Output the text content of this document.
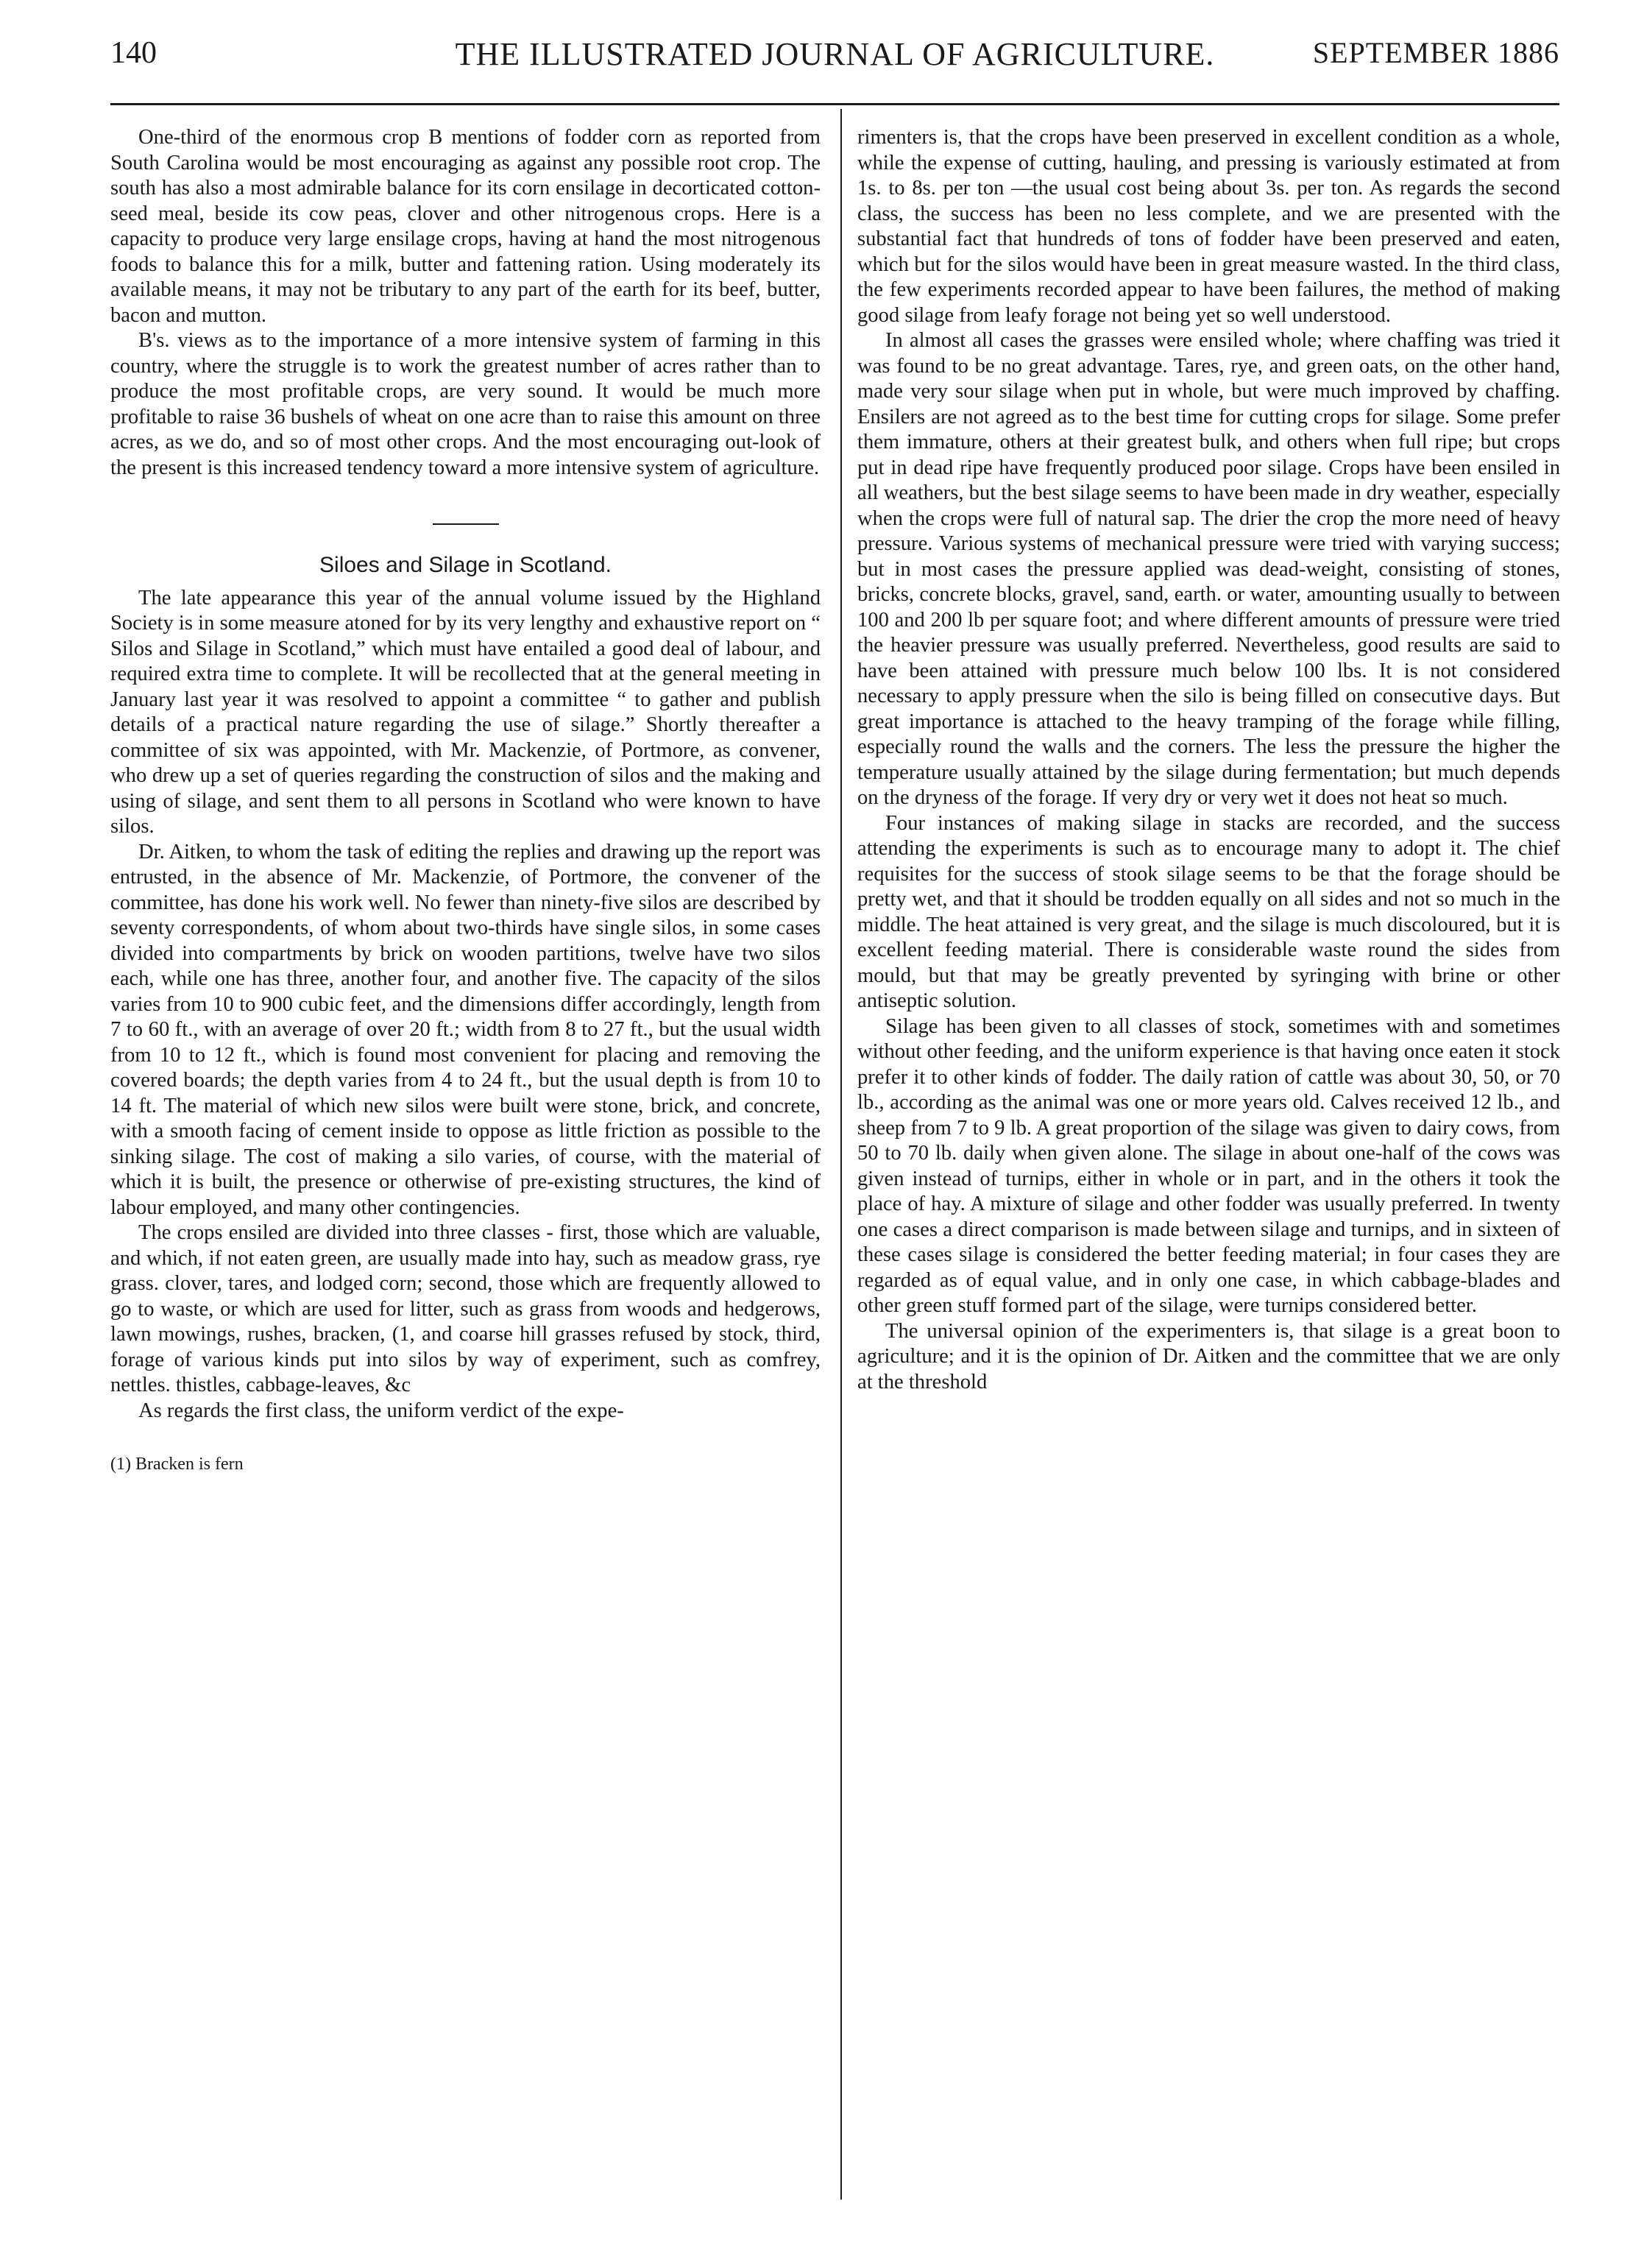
140	THE ILLUSTRATED JOURNAL OF AGRICULTURE.	SEPTEMBER 1886

One-third of the enormous crop B mentions of fodder corn as reported from South Carolina would be most encouraging as against any possible root crop. The south has also a most admirable balance for its corn ensilage in decorticated cotton-seed meal, beside its cow peas, clover and other nitrogenous crops. Here is a capacity to produce very large ensilage crops, having at hand the most nitrogenous foods to balance this for a milk, butter and fattening ration. Using moderately its available means, it may not be tributary to any part of the earth for its beef, butter, bacon and mutton.

B's. views as to the importance of a more intensive system of farming in this country, where the struggle is to work the greatest number of acres rather than to produce the most profitable crops, are very sound. It would be much more profitable to raise 36 bushels of wheat on one acre than to raise this amount on three acres, as we do, and so of most other crops. And the most encouraging out-look of the present is this increased tendency toward a more intensive system of agriculture.

Siloes and Silage in Scotland.

The late appearance this year of the annual volume issued by the Highland Society is in some measure atoned for by its very lengthy and exhaustive report on “ Silos and Silage in Scotland,” which must have entailed a good deal of labour, and required extra time to complete. It will be recollected that at the general meeting in January last year it was resolved to appoint a committee “ to gather and publish details of a practical nature regarding the use of silage.” Shortly thereafter a committee of six was appointed, with Mr. Mackenzie, of Portmore, as convener, who drew up a set of queries regarding the construction of silos and the making and using of silage, and sent them to all persons in Scotland who were known to have silos.

Dr. Aitken, to whom the task of editing the replies and drawing up the report was entrusted, in the absence of Mr. Mackenzie, of Portmore, the convener of the committee, has done his work well. No fewer than ninety-five silos are described by seventy correspondents, of whom about two-thirds have single silos, in some cases divided into compartments by brick on wooden partitions, twelve have two silos each, while one has three, another four, and another five. The capacity of the silos varies from 10 to 900 cubic feet, and the dimensions differ accordingly, length from 7 to 60 ft., with an average of over 20 ft.; width from 8 to 27 ft., but the usual width from 10 to 12 ft., which is found most convenient for placing and removing the covered boards; the depth varies from 4 to 24 ft., but the usual depth is from 10 to 14 ft. The material of which new silos were built were stone, brick, and concrete, with a smooth facing of cement inside to oppose as little friction as possible to the sinking silage. The cost of making a silo varies, of course, with the material of which it is built, the presence or otherwise of pre-existing structures, the kind of labour employed, and many other contingencies.

The crops ensiled are divided into three classes - first, those which are valuable, and which, if not eaten green, are usually made into hay, such as meadow grass, rye grass. clover, tares, and lodged corn; second, those which are frequently allowed to go to waste, or which are used for litter, such as grass from woods and hedgerows, lawn mowings, rushes, bracken, (1, and coarse hill grasses refused by stock, third, forage of various kinds put into silos by way of experiment, such as comfrey, nettles. thistles, cabbage-leaves, &c

As regards the first class, the uniform verdict of the expe-

(1) Bracken is fern

rimenters is, that the crops have been preserved in excellent condition as a whole, while the expense of cutting, hauling, and pressing is variously estimated at from 1s. to 8s. per ton —the usual cost being about 3s. per ton. As regards the second class, the success has been no less complete, and we are presented with the substantial fact that hundreds of tons of fodder have been preserved and eaten, which but for the silos would have been in great measure wasted. In the third class, the few experiments recorded appear to have been failures, the method of making good silage from leafy forage not being yet so well understood.

In almost all cases the grasses were ensiled whole; where chaffing was tried it was found to be no great advantage. Tares, rye, and green oats, on the other hand, made very sour silage when put in whole, but were much improved by chaffing. Ensilers are not agreed as to the best time for cutting crops for silage. Some prefer them immature, others at their greatest bulk, and others when full ripe; but crops put in dead ripe have frequently produced poor silage. Crops have been ensiled in all weathers, but the best silage seems to have been made in dry weather, especially when the crops were full of natural sap. The drier the crop the more need of heavy pressure. Various systems of mechanical pressure were tried with varying success; but in most cases the pressure applied was dead-weight, consisting of stones, bricks, concrete blocks, gravel, sand, earth. or water, amounting usually to between 100 and 200 lb per square foot; and where different amounts of pressure were tried the heavier pressure was usually preferred. Nevertheless, good results are said to have been attained with pressure much below 100 lbs. It is not considered necessary to apply pressure when the silo is being filled on consecutive days. But great importance is attached to the heavy tramping of the forage while filling, especially round the walls and the corners. The less the pressure the higher the temperature usually attained by the silage during fermentation; but much depends on the dryness of the forage. If very dry or very wet it does not heat so much.

Four instances of making silage in stacks are recorded, and the success attending the experiments is such as to encourage many to adopt it. The chief requisites for the success of stook silage seems to be that the forage should be pretty wet, and that it should be trodden equally on all sides and not so much in the middle. The heat attained is very great, and the silage is much discoloured, but it is excellent feeding material. There is considerable waste round the sides from mould, but that may be greatly prevented by syringing with brine or other antiseptic solution.

Silage has been given to all classes of stock, sometimes with and sometimes without other feeding, and the uniform experience is that having once eaten it stock prefer it to other kinds of fodder. The daily ration of cattle was about 30, 50, or 70 lb., according as the animal was one or more years old. Calves received 12 lb., and sheep from 7 to 9 lb. A great proportion of the silage was given to dairy cows, from 50 to 70 lb. daily when given alone. The silage in about one-half of the cows was given instead of turnips, either in whole or in part, and in the others it took the place of hay. A mixture of silage and other fodder was usually preferred. In twenty one cases a direct comparison is made between silage and turnips, and in sixteen of these cases silage is considered the better feeding material; in four cases they are regarded as of equal value, and in only one case, in which cabbage-blades and other green stuff formed part of the silage, were turnips considered better.

The universal opinion of the experimenters is, that silage is a great boon to agriculture; and it is the opinion of Dr. Aitken and the committee that we are only at the threshold
